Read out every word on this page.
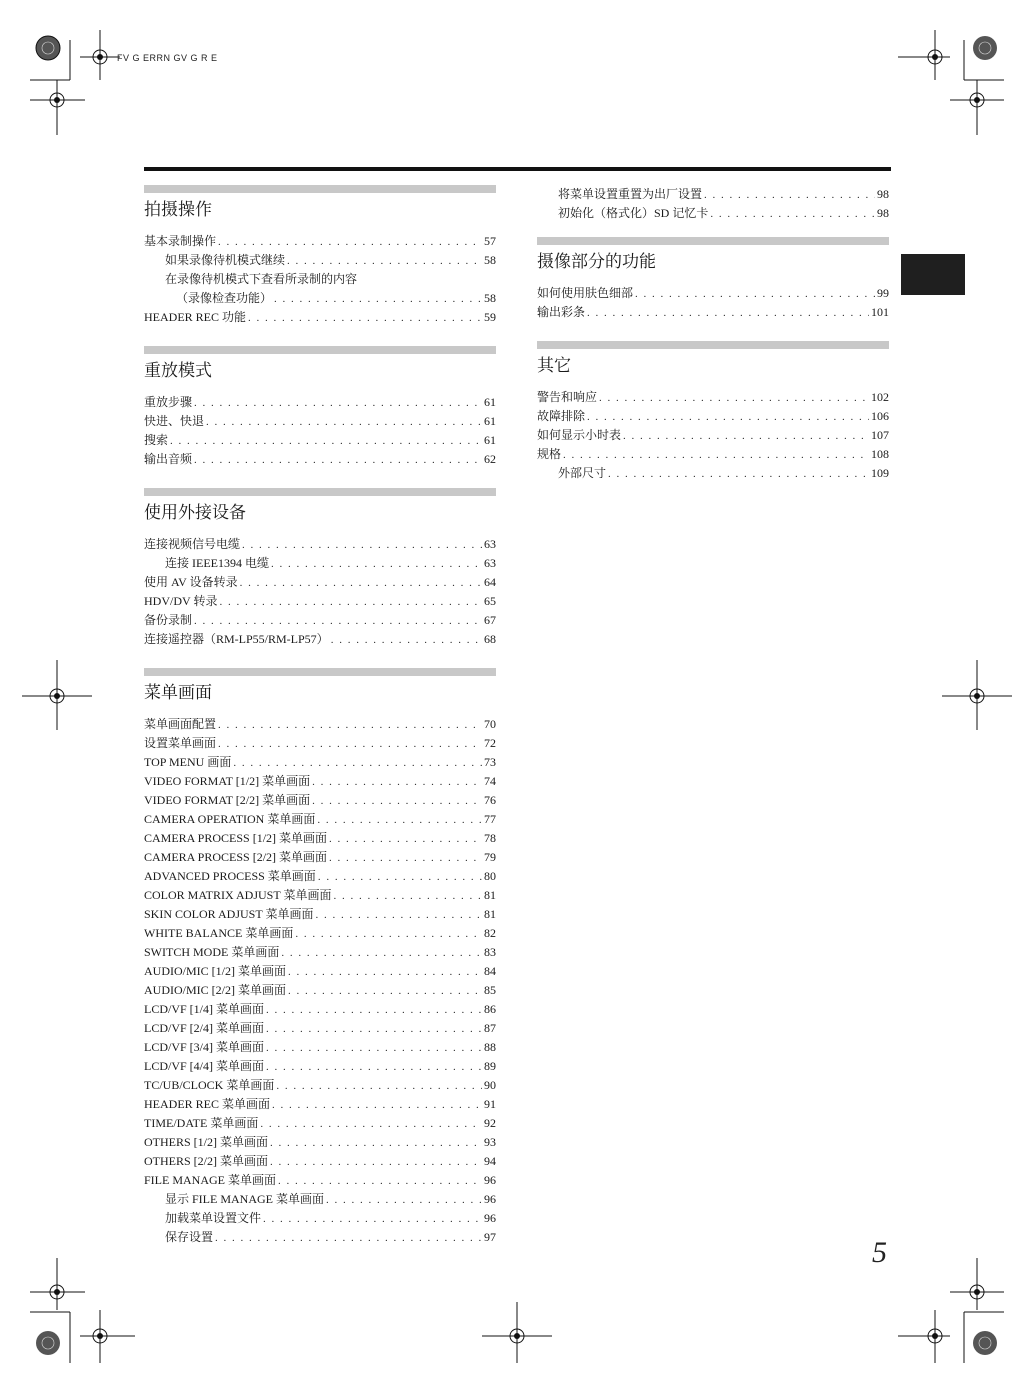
FV G ERRN GV G R E
拍摄操作
基本录制操作 . . .	57
如果录像待机模式继续 . . .	58
在录像待机模式下查看所录制的内容
（录像检查功能） . . .	58
HEADER REC 功能 . . .	59
重放模式
重放步骤 . . .	61
快进、快退 . . .	61
搜索 . . .	61
输出音频 . . .	62
使用外接设备
连接视频信号电缆 . . .	63
连接 IEEE1394 电缆 . . .	63
使用 AV 设备转录 . . .	64
HDV/DV 转录 . . .	65
备份录制 . . .	67
连接遥控器（RM-LP55/RM-LP57） . . .	68
菜单画面
菜单画面配置 . . .	70
设置菜单画面 . . .	72
TOP MENU 画面 . . .	73
VIDEO FORMAT [1/2] 菜单画面 . . .	74
VIDEO FORMAT [2/2] 菜单画面 . . .	76
CAMERA OPERATION 菜单画面 . . .	77
CAMERA PROCESS [1/2] 菜单画面 . . .	78
CAMERA PROCESS [2/2] 菜单画面 . . .	79
ADVANCED PROCESS 菜单画面 . . .	80
COLOR MATRIX ADJUST 菜单画面 . . .	81
SKIN COLOR ADJUST 菜单画面 . . .	81
WHITE BALANCE 菜单画面 . . .	82
SWITCH MODE 菜单画面 . . .	83
AUDIO/MIC [1/2] 菜单画面 . . .	84
AUDIO/MIC [2/2] 菜单画面 . . .	85
LCD/VF [1/4] 菜单画面 . . .	86
LCD/VF [2/4] 菜单画面 . . .	87
LCD/VF [3/4] 菜单画面 . . .	88
LCD/VF [4/4] 菜单画面 . . .	89
TC/UB/CLOCK 菜单画面 . . .	90
HEADER REC 菜单画面 . . .	91
TIME/DATE 菜单画面 . . .	92
OTHERS [1/2] 菜单画面 . . .	93
OTHERS [2/2] 菜单画面 . . .	94
FILE MANAGE 菜单画面 . . .	96
显示 FILE MANAGE 菜单画面 . . .	96
加载菜单设置文件 . . .	96
保存设置 . . .	97
将菜单设置重置为出厂设置 . . .	98
初始化（格式化）SD 记忆卡 . . .	98
摄像部分的功能
如何使用肤色细部 . . .	99
输出彩条 . . .	101
其它
警告和响应 . . .	102
故障排除 . . .	106
如何显示小时表 . . .	107
规格 . . .	108
外部尺寸 . . .	109
5
